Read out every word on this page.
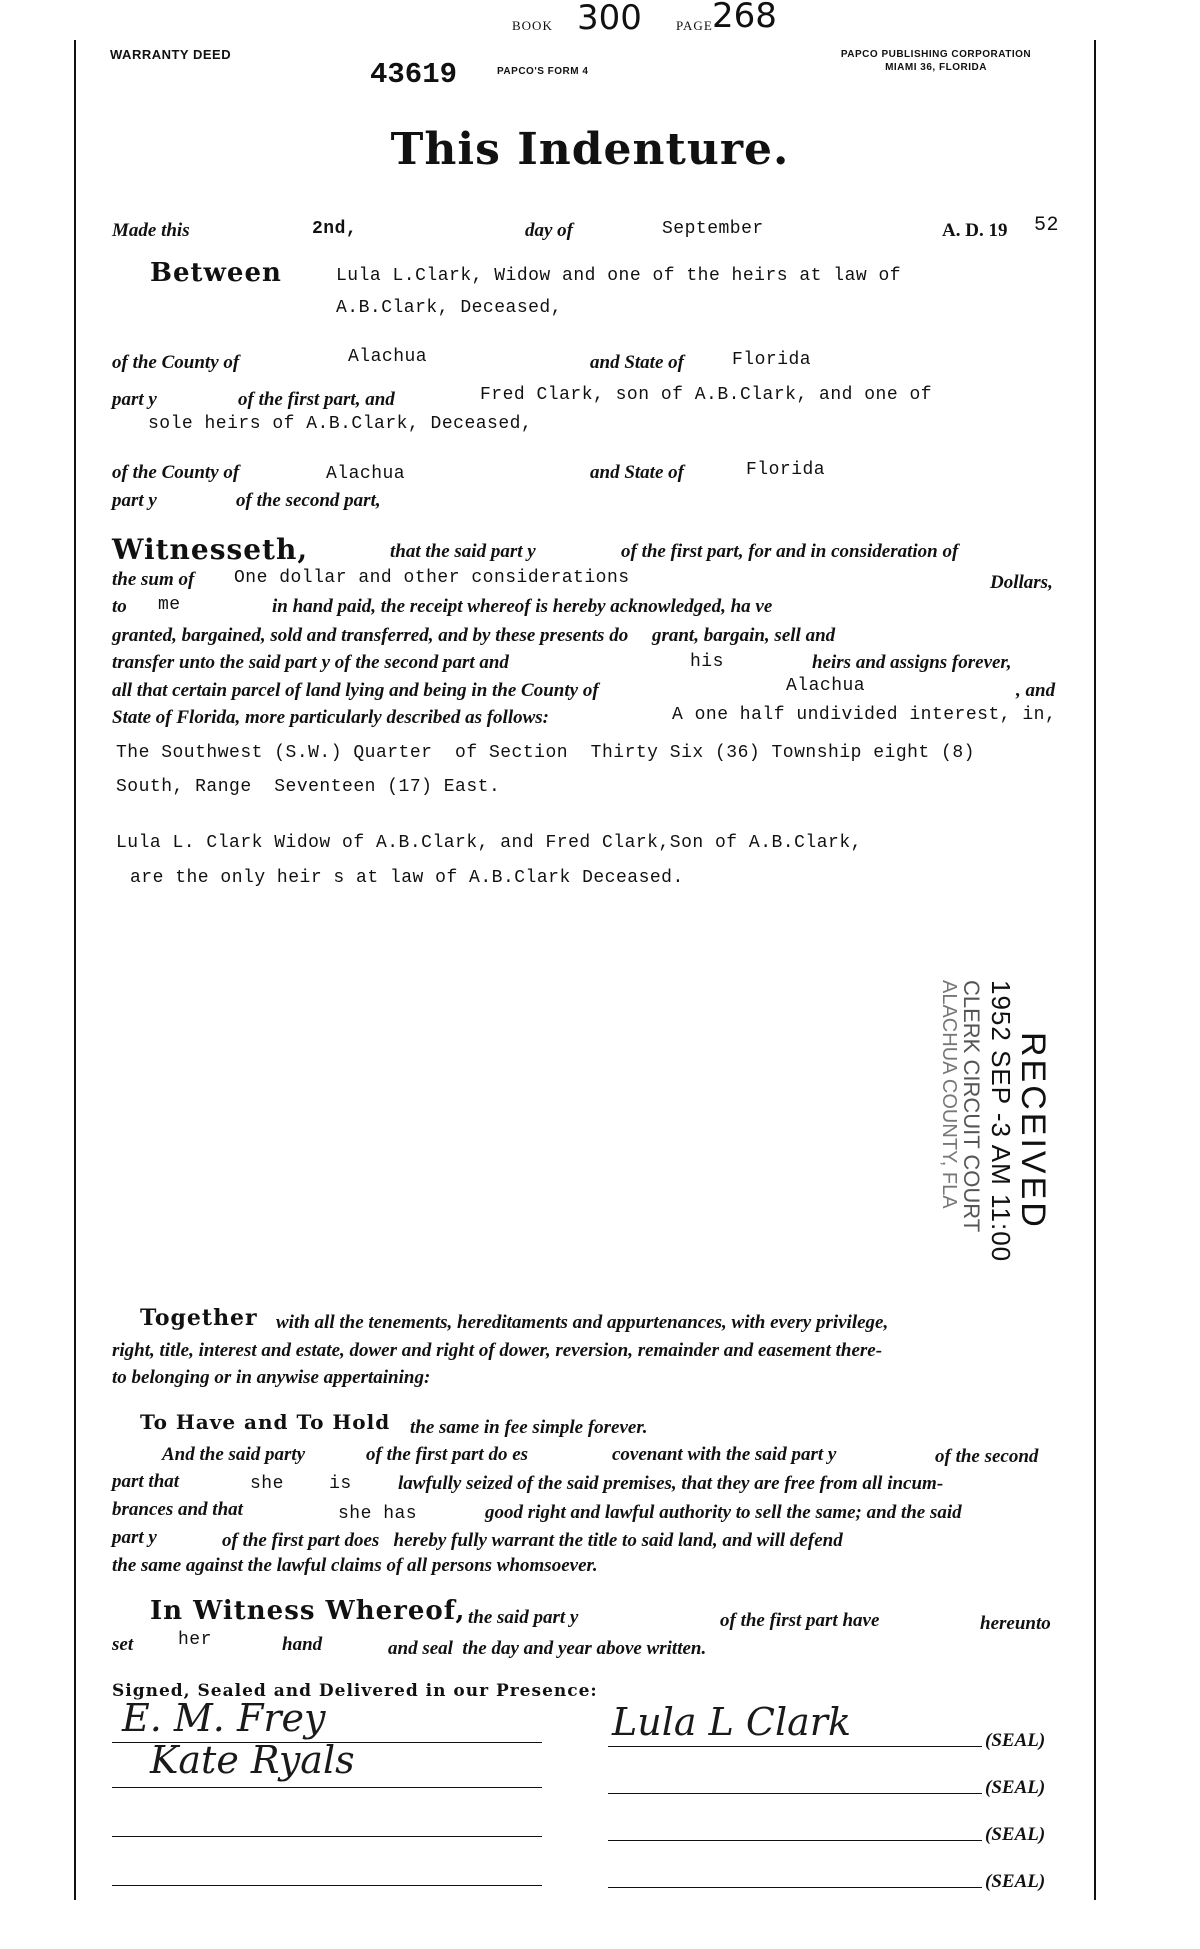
BOOK 300	PAGE 268
WARRANTY DEED
43619	PAPCO'S FORM 4
PAPCO PUBLISHING CORPORATION
MIAMI 36, FLORIDA
This Indenture.
Made this	2nd,	day of	September	A. D. 19 52
Between	Lula L.Clark, Widow and one of the heirs at law of
A.B.Clark, Deceased,
of the County of	Alachua	and State of	Florida
part y	of the first part, and	Fred Clark, son of A.B.Clark, and one of
sole heirs of A.B.Clark, Deceased,
of the County of	Alachua	and State of	Florida
part y	of the second part,
Witnesseth,	that the said part y	of the first part, for and in consideration of
the sum of One dollar and other considerations	Dollars,
to me	in hand paid, the receipt whereof is hereby acknowledged, ha ve
granted, bargained, sold and transferred, and by these presents do     grant, bargain, sell and
transfer unto the said part y of the second part and	his	heirs and assigns forever,
all that certain parcel of land lying and being in the County of	Alachua	, and
State of Florida, more particularly described as follows:	A one half undivided interest, in,
The Southwest (S.W.) Quarter  of Section  Thirty Six (36) Township eight (8)
South, Range  Seventeen (17) East.
Lula L. Clark Widow of A.B.Clark, and Fred Clark,Son of A.B.Clark,
are the only heir s at law of A.B.Clark Deceased.
RECEIVED
1952 SEP -3 AM 11:00
CLERK CIRCUIT COURT
ALACHUA COUNTY, FLA
Together with all the tenements, hereditaments and appurtenances, with every privilege,
right, title, interest and estate, dower and right of dower, reversion, remainder and easement there-
to belonging or in anywise appertaining:
To Have and To Hold the same in fee simple forever.
And the said party	of the first part do es	covenant with the said part y	of the second
part that	she    is lawfully seized of the said premises, that they are free from all incum-
brances and that	she has	good right and lawful authority to sell the same; and the said
part y	of the first part does   hereby fully warrant the title to said land, and will defend
the same against the lawful claims of all persons whomsoever.
In Witness Whereof, the said part y	of the first part have	hereunto
set her	hand	and seal  the day and year above written.
Signed, Sealed and Delivered in our Presence:
E. M. Frey
Kate Ryals
Lula L Clark	(SEAL)
(SEAL)
(SEAL)
(SEAL)
